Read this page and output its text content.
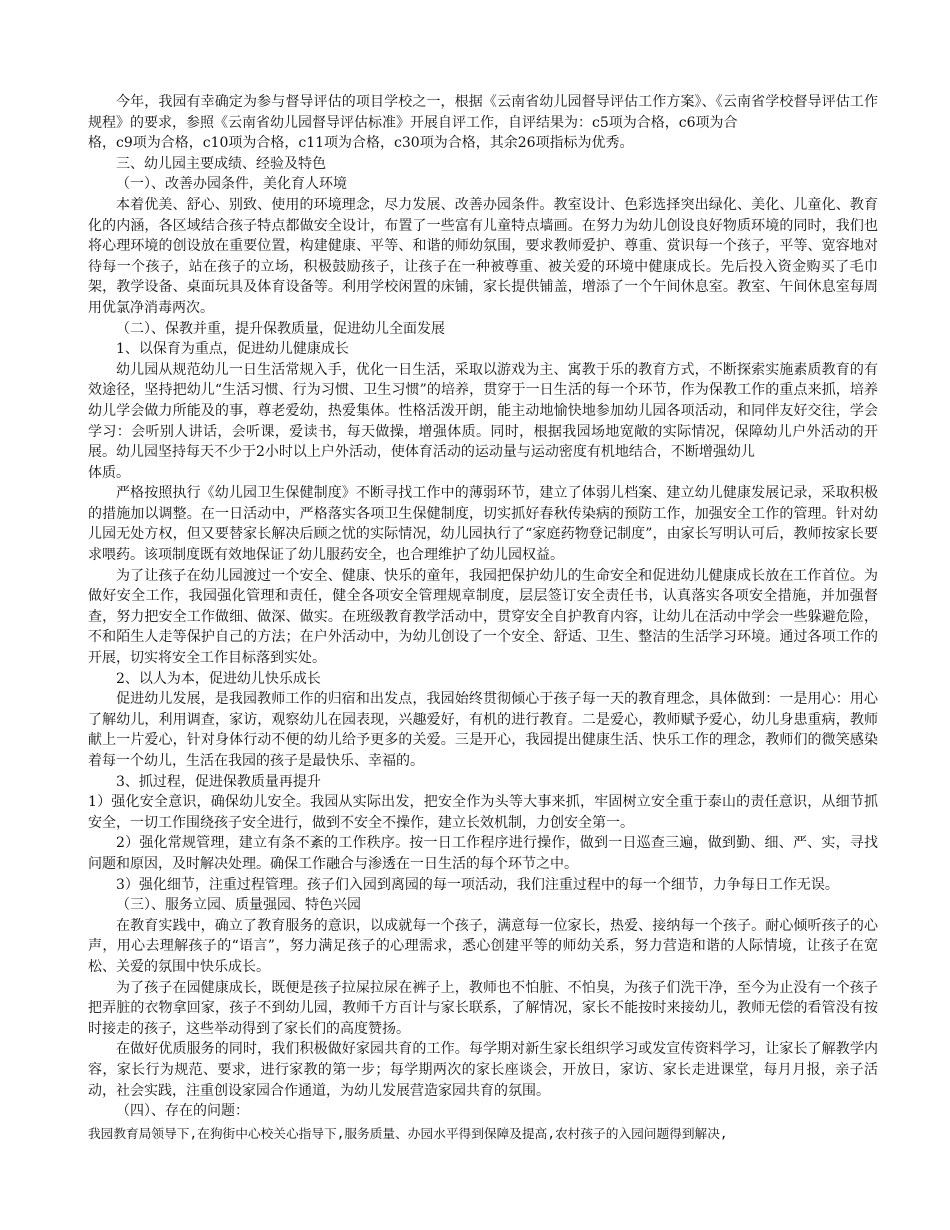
今年，我园有幸确定为参与督导评估的项目学校之一，根据《云南省幼儿园督导评估工作方案》、《云南省学校督导评估工作规程》的要求，参照《云南省幼儿园督导评估标准》开展自评工作，自评结果为：c5项为合格，c6项为合

格，c9项为合格，c10项为合格，c11项为合格，c30项为合格，其余26项指标为优秀。

三、幼儿园主要成绩、经验及特色

（一）、改善办园条件，美化育人环境

本着优美、舒心、别致、使用的环境理念，尽力发展、改善办园条件。教室设计、色彩选择突出绿化、美化、儿童化、教育化的内涵，各区域结合孩子特点都做安全设计，布置了一些富有儿童特点墙画。在努力为幼儿创设良好物质环境的同时，我们也将心理环境的创设放在重要位置，构建健康、平等、和谐的师幼氛围，要求教师爱护、尊重、赏识每一个孩子，平等、宽容地对待每一个孩子，站在孩子的立场，积极鼓励孩子，让孩子在一种被尊重、被关爱的环境中健康成长。先后投入资金购买了毛巾架，教学设备、桌面玩具及体育设备等。利用学校闲置的床铺，家长提供铺盖，增添了一个午间休息室。教室、午间休息室每周用优氯净消毒两次。

（二）、保教并重，提升保教质量，促进幼儿全面发展

1、以保育为重点，促进幼儿健康成长

幼儿园从规范幼儿一日生活常规入手，优化一日生活，采取以游戏为主、寓教于乐的教育方式，不断探索实施素质教育的有效途径，坚持把幼儿“生活习惯、行为习惯、卫生习惯”的培养，贯穿于一日生活的每一个环节，作为保教工作的重点来抓，培养幼儿学会做力所能及的事，尊老爱幼，热爱集体。性格活泼开朗，能主动地愉快地参加幼儿园各项活动，和同伴友好交往，学会学习：会听别人讲话，会听课，爱读书，每天做操，增强体质。同时，根据我园场地宽敞的实际情况，保障幼儿户外活动的开展。幼儿园坚持每天不少于2小时以上户外活动，使体育活动的运动量与运动密度有机地结合，不断增强幼儿

体质。

严格按照执行《幼儿园卫生保健制度》不断寻找工作中的薄弱环节，建立了体弱儿档案、建立幼儿健康发展记录，采取积极的措施加以调整。在一日活动中，严格落实各项卫生保健制度，切实抓好春秋传染病的预防工作，加强安全工作的管理。针对幼儿园无处方权，但又要替家长解决后顾之忧的实际情况，幼儿园执行了“家庭药物登记制度”，由家长写明认可后，教师按家长要求喂药。该项制度既有效地保证了幼儿服药安全，也合理维护了幼儿园权益。

为了让孩子在幼儿园渡过一个安全、健康、快乐的童年，我园把保护幼儿的生命安全和促进幼儿健康成长放在工作首位。为做好安全工作，我园强化管理和责任，健全各项安全管理规章制度，层层签订安全责任书，认真落实各项安全措施，并加强督查，努力把安全工作做细、做深、做实。在班级教育教学活动中，贯穿安全自护教育内容，让幼儿在活动中学会一些躲避危险，不和陌生人走等保护自己的方法；在户外活动中，为幼儿创设了一个安全、舒适、卫生、整洁的生活学习环境。通过各项工作的开展，切实将安全工作目标落到实处。

2、以人为本，促进幼儿快乐成长

促进幼儿发展，是我园教师工作的归宿和出发点，我园始终贯彻倾心于孩子每一天的教育理念，具体做到：一是用心：用心了解幼儿，利用调查，家访，观察幼儿在园表现，兴趣爱好，有机的进行教育。二是爱心，教师赋予爱心，幼儿身患重病，教师献上一片爱心，针对身体行动不便的幼儿给予更多的关爱。三是开心，我园提出健康生活、快乐工作的理念，教师们的微笑感染着每一个幼儿，生活在我园的孩子是最快乐、幸福的。

3、抓过程，促进保教质量再提升

1）强化安全意识，确保幼儿安全。我园从实际出发，把安全作为头等大事来抓，牢固树立安全重于泰山的责任意识，从细节抓安全，一切工作围绕孩子安全进行，做到不安全不操作，建立长效机制，力创安全第一。

2）强化常规管理，建立有条不紊的工作秩序。按一日工作程序进行操作，做到一日巡查三遍，做到勤、细、严、实，寻找问题和原因，及时解决处理。确保工作融合与渗透在一日生活的每个环节之中。

3）强化细节，注重过程管理。孩子们入园到离园的每一项活动，我们注重过程中的每一个细节，力争每日工作无误。

（三）、服务立园、质量强园、特色兴园

在教育实践中，确立了教育服务的意识，以成就每一个孩子，满意每一位家长，热爱、接纳每一个孩子。耐心倾听孩子的心声，用心去理解孩子的“语言”，努力满足孩子的心理需求，悉心创建平等的师幼关系，努力营造和谐的人际情境，让孩子在宽松、关爱的氛围中快乐成长。

为了孩子在园健康成长，既便是孩子拉屎拉尿在裤子上，教师也不怕脏、不怕臭，为孩子们洗干净，至今为止没有一个孩子把弄脏的衣物拿回家，孩子不到幼儿园，教师千方百计与家长联系，了解情况，家长不能按时来接幼儿，教师无偿的看管没有按时接走的孩子，这些举动得到了家长们的高度赞扬。

在做好优质服务的同时，我们积极做好家园共育的工作。每学期对新生家长组织学习或发宣传资料学习，让家长了解教学内容，家长行为规范、要求，进行家教的第一步；每学期两次的家长座谈会，开放日，家访、家长走进课堂，每月月报，亲子活动，社会实践，注重创设家园合作通道，为幼儿发展营造家园共育的氛围。

（四）、存在的问题：

我园教育局领导下,在狗街中心校关心指导下,服务质量、办园水平得到保障及提高,农村孩子的入园问题得到解决,
